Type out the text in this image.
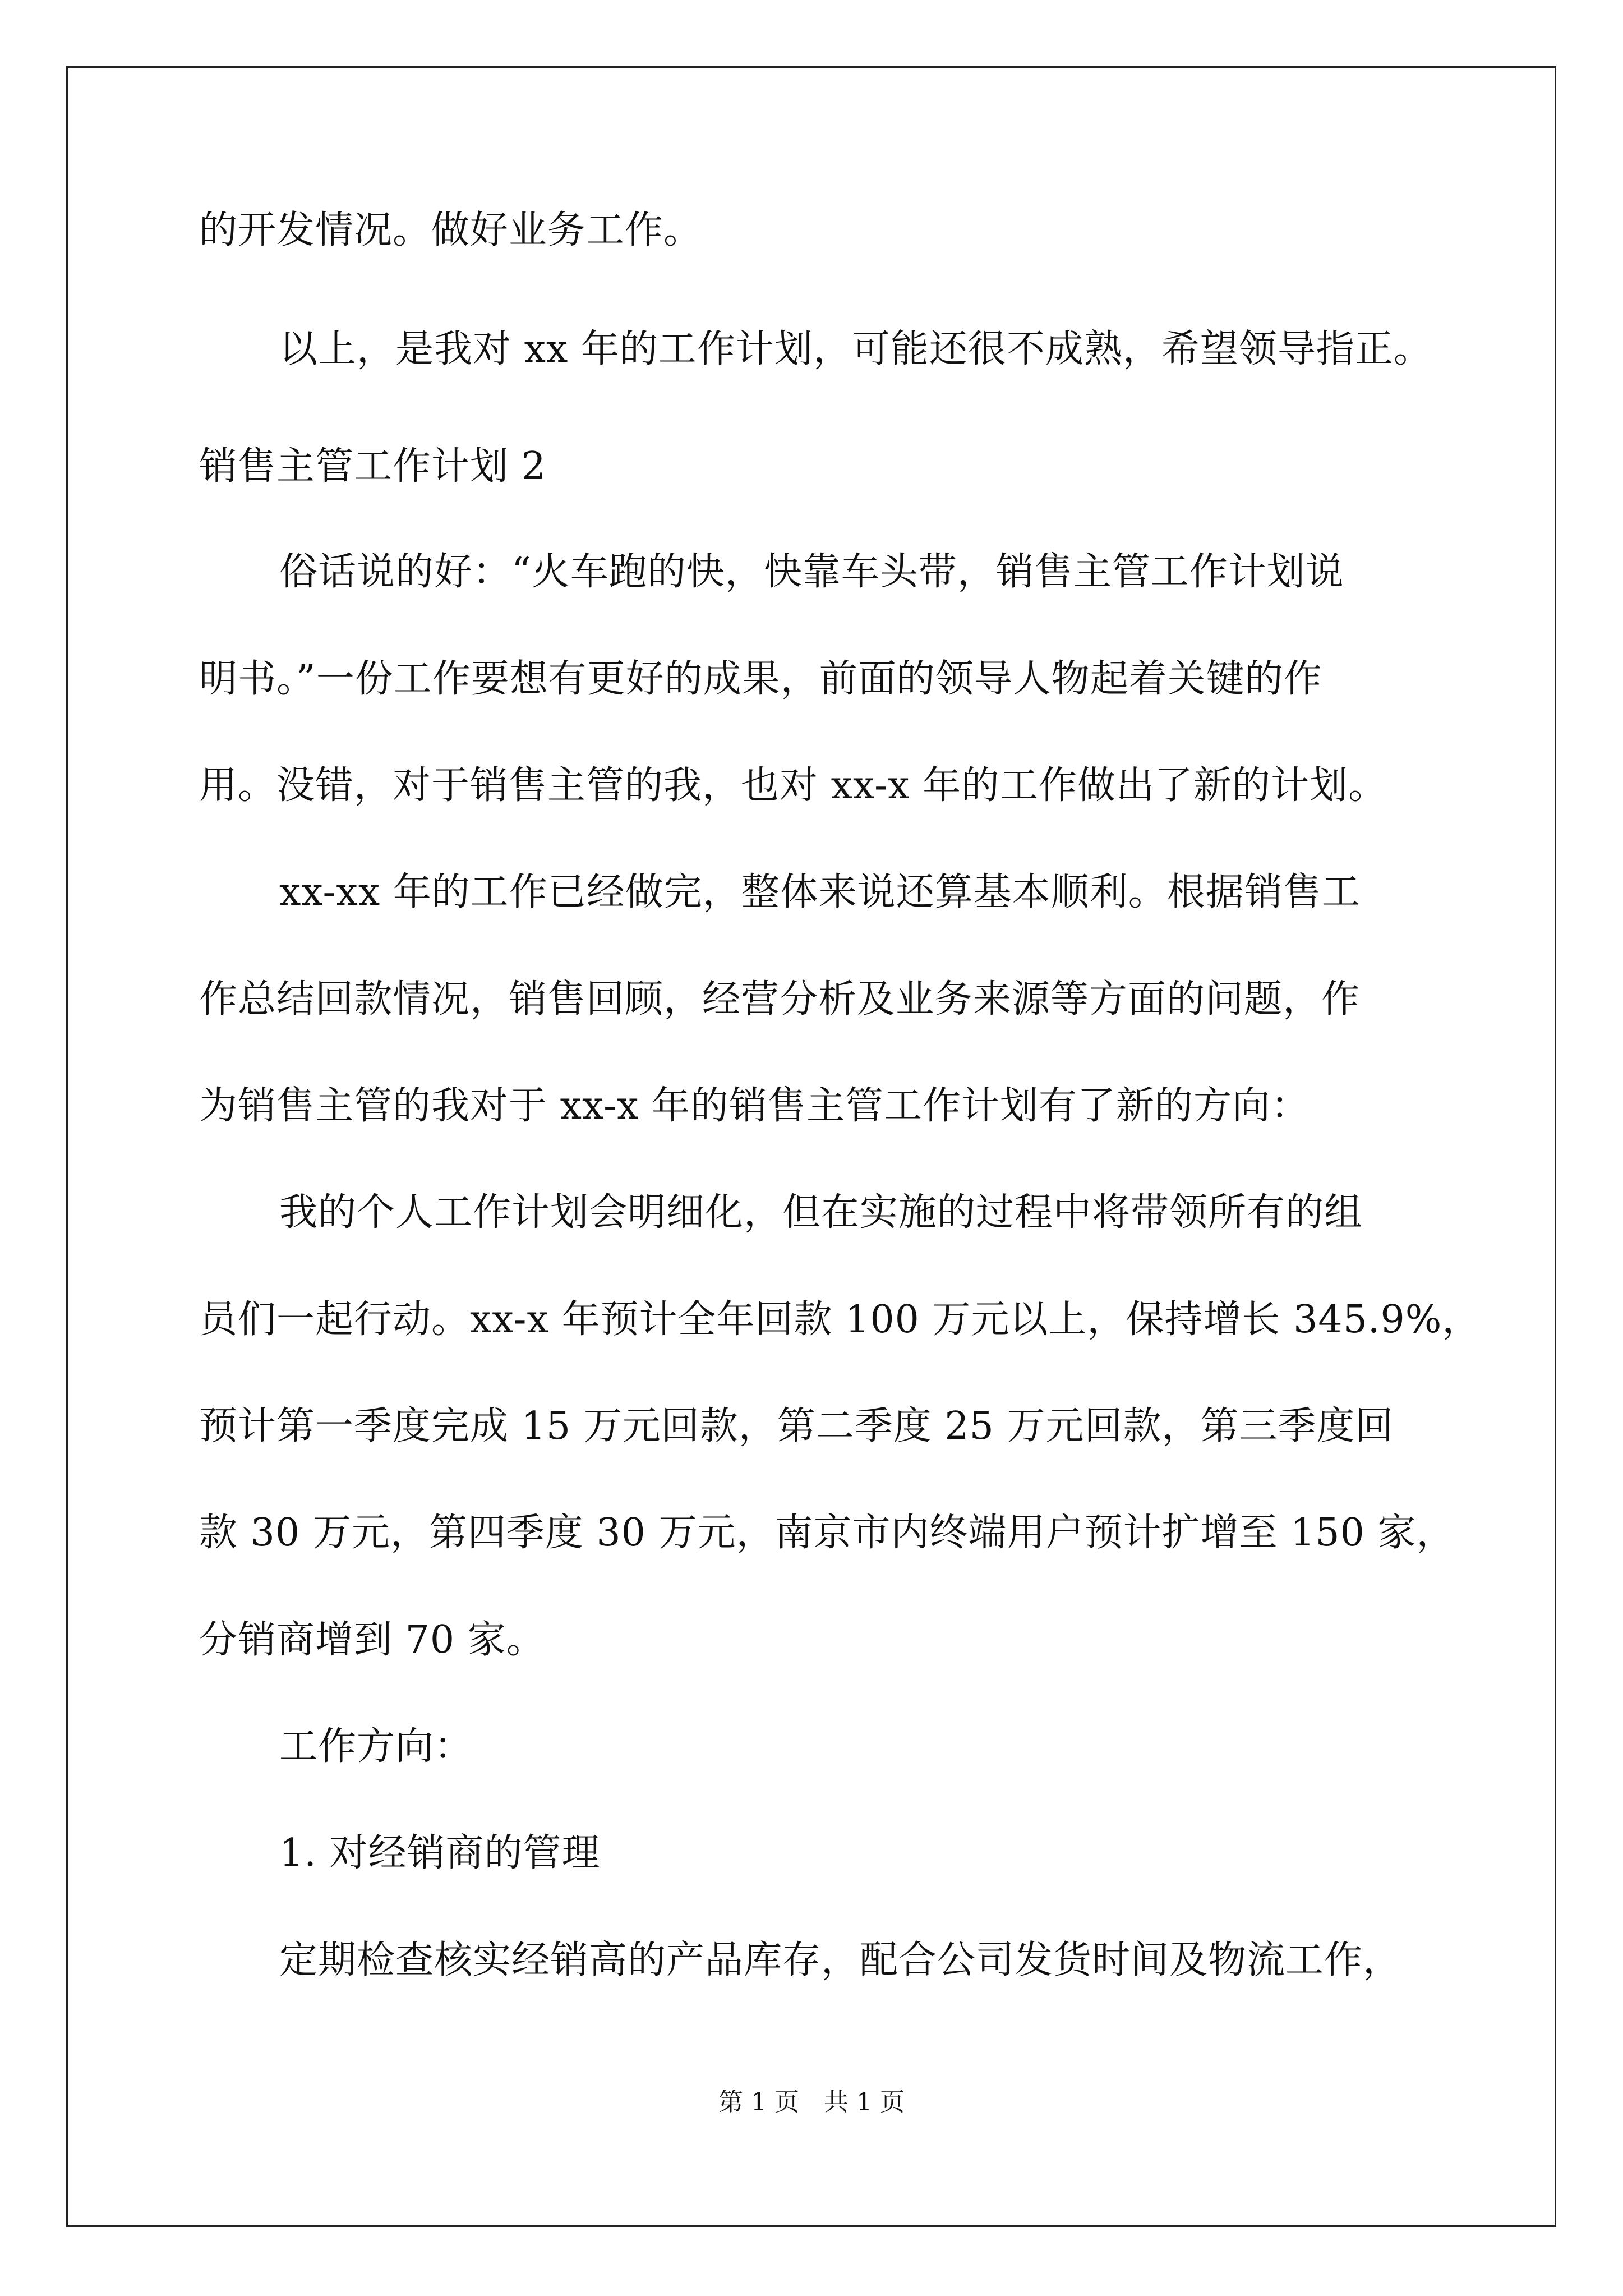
的开发情况。做好业务工作。
以上，是我对 xx 年的工作计划，可能还很不成熟，希望领导指正。
销售主管工作计划 2
俗话说的好：“火车跑的快，快靠车头带，销售主管工作计划说
明书。”一份工作要想有更好的成果，前面的领导人物起着关键的作
用。没错，对于销售主管的我，也对 xx-x 年的工作做出了新的计划。
xx-xx 年的工作已经做完，整体来说还算基本顺利。根据销售工
作总结回款情况，销售回顾，经营分析及业务来源等方面的问题，作
为销售主管的我对于 xx-x 年的销售主管工作计划有了新的方向：
我的个人工作计划会明细化，但在实施的过程中将带领所有的组
员们一起行动。xx-x 年预计全年回款 100 万元以上，保持增长 345.9%，
预计第一季度完成 15 万元回款，第二季度 25 万元回款，第三季度回
款 30 万元，第四季度 30 万元，南京市内终端用户预计扩增至 150 家，
分销商增到 70 家。
工作方向：
1. 对经销商的管理
定期检查核实经销高的产品库存，配合公司发货时间及物流工作，
第 1 页　共 1 页
